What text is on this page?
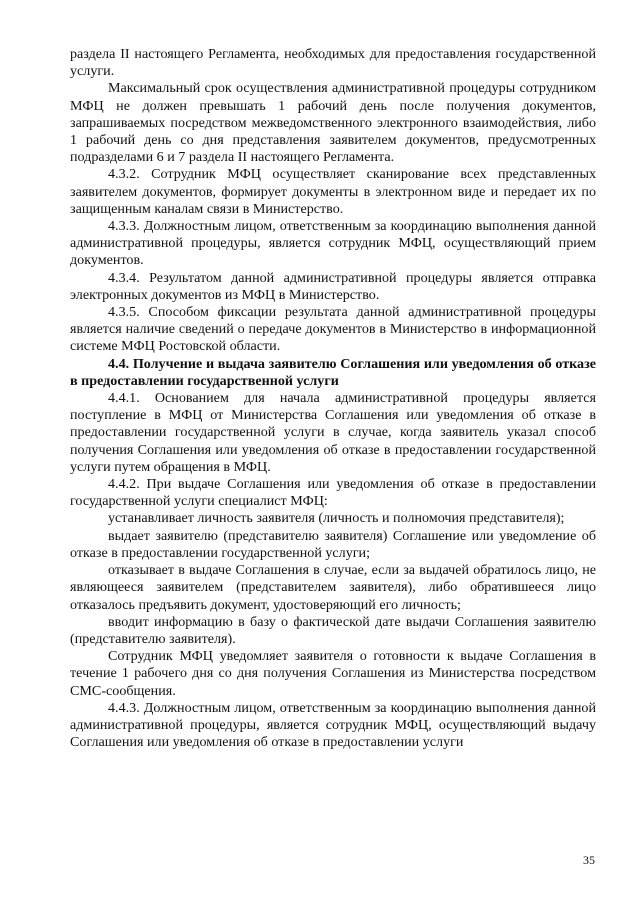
раздела II настоящего Регламента, необходимых для предоставления государственной услуги.

Максимальный срок осуществления административной процедуры сотрудником МФЦ не должен превышать 1 рабочий день после получения документов, запрашиваемых посредством межведомственного электронного взаимодействия, либо 1 рабочий день со дня представления заявителем документов, предусмотренных подразделами 6 и 7 раздела II настоящего Регламента.

4.3.2. Сотрудник МФЦ осуществляет сканирование всех представленных заявителем документов, формирует документы в электронном виде и передает их по защищенным каналам связи в Министерство.

4.3.3. Должностным лицом, ответственным за координацию выполнения данной административной процедуры, является сотрудник МФЦ, осуществляющий прием документов.

4.3.4. Результатом данной административной процедуры является отправка электронных документов из МФЦ в Министерство.

4.3.5. Способом фиксации результата данной административной процедуры является наличие сведений о передаче документов в Министерство в информационной системе МФЦ Ростовской области.

4.4. Получение и выдача заявителю Соглашения или уведомления об отказе в предоставлении государственной услуги

4.4.1. Основанием для начала административной процедуры является поступление в МФЦ от Министерства Соглашения или уведомления об отказе в предоставлении государственной услуги в случае, когда заявитель указал способ получения Соглашения или уведомления об отказе в предоставлении государственной услуги путем обращения в МФЦ.

4.4.2. При выдаче Соглашения или уведомления об отказе в предоставлении государственной услуги специалист МФЦ:

устанавливает личность заявителя (личность и полномочия представителя);

выдает заявителю (представителю заявителя) Соглашение или уведомление об отказе в предоставлении государственной услуги;

отказывает в выдаче Соглашения в случае, если за выдачей обратилось лицо, не являющееся заявителем (представителем заявителя), либо обратившееся лицо отказалось предъявить документ, удостоверяющий его личность;

вводит информацию в базу о фактической дате выдачи Соглашения заявителю (представителю заявителя).

Сотрудник МФЦ уведомляет заявителя о готовности к выдаче Соглашения в течение 1 рабочего дня со дня получения Соглашения из Министерства посредством СМС-сообщения.

4.4.3. Должностным лицом, ответственным за координацию выполнения данной административной процедуры, является сотрудник МФЦ, осуществляющий выдачу Соглашения или уведомления об отказе в предоставлении услуги

35
